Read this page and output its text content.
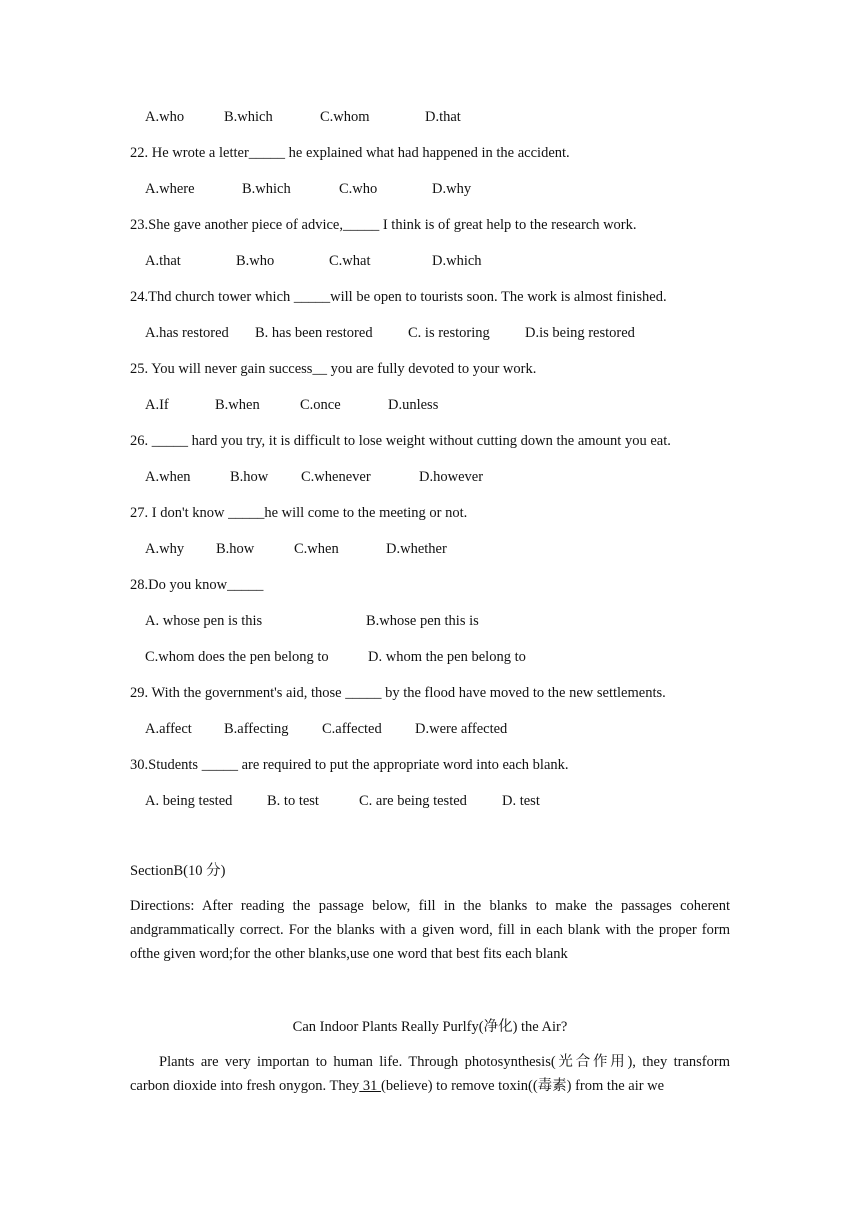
A.who

	B.which

	C.whom

	D.that

22. He wrote a letter_____ he explained what had happened in the accident.

A.where

	B.which

	C.who

	D.why

23.She gave another piece of advice,_____ I think is of great help to the research work.

A.that

	B.who

	C.what

	D.which

24.Thd church tower which _____will be open to tourists soon. The work is almost finished.

A.has restored

B. has been restored

C. is restoring

D.is being restored

25. You will never gain success__ you are fully devoted to your work.

A.If

	B.when

	C.once

	D.unless

26. _____ hard you try, it is difficult to lose weight without cutting down the amount you eat.

A.when

	B.how

C.whenever

	D.however

27. I don't know _____he will come to the meeting or not.

A.why

B.how

	C.when

	D.whether

28.Do you know_____

A. whose pen is this

	B.whose pen this is

C.whom does the pen belong to

	D. whom the pen belong to

29. With the government's aid, those _____ by the flood have moved to the new settlements.

A.affect

B.affecting

C.affected

D.were affected

30.Students _____ are required to put the appropriate word into each blank.

A. being tested

B. to test

	C. are being tested

D. test

SectionB(10 分)
Directions: After reading the passage below, fill in the blanks to make the passages coherent andgrammatically correct. For the blanks with a given word, fill in each blank with the proper form ofthe given word;for the other blanks,use one word that best fits each blank
Can Indoor Plants Really Purlfy(净化) the Air?
Plants are very importan to human life. Through photosynthesis(光合作用), they transform carbon dioxide into fresh onygon. They 31 (believe) to remove toxin((毒素) from the air we
